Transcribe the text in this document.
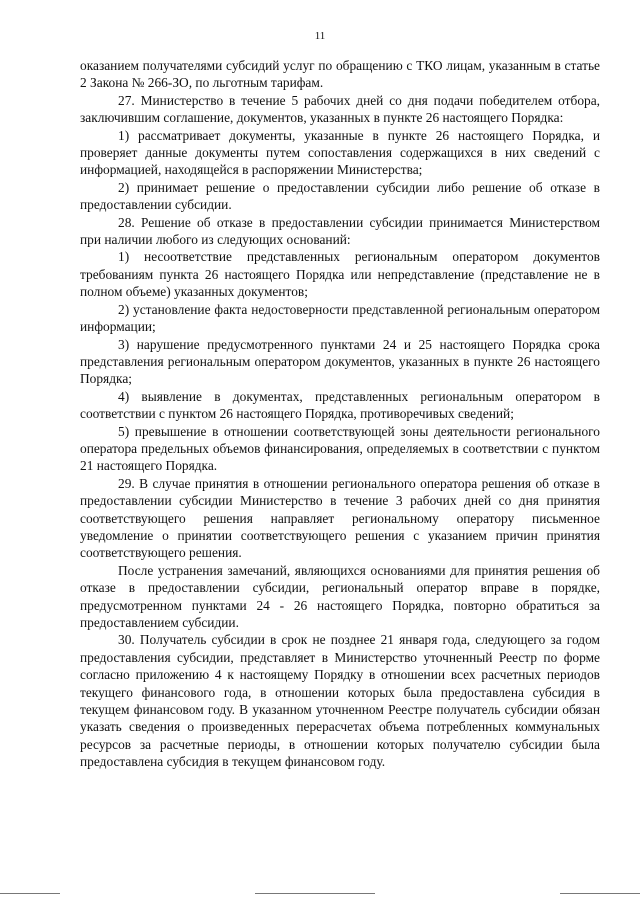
11

оказанием получателями субсидий услуг по обращению с ТКО лицам, указанным в статье 2 Закона № 266-ЗО, по льготным тарифам.

27. Министерство в течение 5 рабочих дней со дня подачи победителем отбора, заключившим соглашение, документов, указанных в пункте 26 настоящего Порядка:

1) рассматривает документы, указанные в пункте 26 настоящего Порядка, и проверяет данные документы путем сопоставления содержащихся в них сведений с информацией, находящейся в распоряжении Министерства;

2) принимает решение о предоставлении субсидии либо решение об отказе в предоставлении субсидии.

28. Решение об отказе в предоставлении субсидии принимается Министерством при наличии любого из следующих оснований:

1) несоответствие представленных региональным оператором документов требованиям пункта 26 настоящего Порядка или непредставление (представление не в полном объеме) указанных документов;

2) установление факта недостоверности представленной региональным оператором информации;

3) нарушение предусмотренного пунктами 24 и 25 настоящего Порядка срока представления региональным оператором документов, указанных в пункте 26 настоящего Порядка;

4) выявление в документах, представленных региональным оператором в соответствии с пунктом 26 настоящего Порядка, противоречивых сведений;

5) превышение в отношении соответствующей зоны деятельности регионального оператора предельных объемов финансирования, определяемых в соответствии с пунктом 21 настоящего Порядка.

29. В случае принятия в отношении регионального оператора решения об отказе в предоставлении субсидии Министерство в течение 3 рабочих дней со дня принятия соответствующего решения направляет региональному оператору письменное уведомление о принятии соответствующего решения с указанием причин принятия соответствующего решения.

После устранения замечаний, являющихся основаниями для принятия решения об отказе в предоставлении субсидии, региональный оператор вправе в порядке, предусмотренном пунктами 24 - 26 настоящего Порядка, повторно обратиться за предоставлением субсидии.

30. Получатель субсидии в срок не позднее 21 января года, следующего за годом предоставления субсидии, представляет в Министерство уточненный Реестр по форме согласно приложению 4 к настоящему Порядку в отношении всех расчетных периодов текущего финансового года, в отношении которых была предоставлена субсидия в текущем финансовом году. В указанном уточненном Реестре получатель субсидии обязан указать сведения о произведенных перерасчетах объема потребленных коммунальных ресурсов за расчетные периоды, в отношении которых получателю субсидии была предоставлена субсидия в текущем финансовом году.
